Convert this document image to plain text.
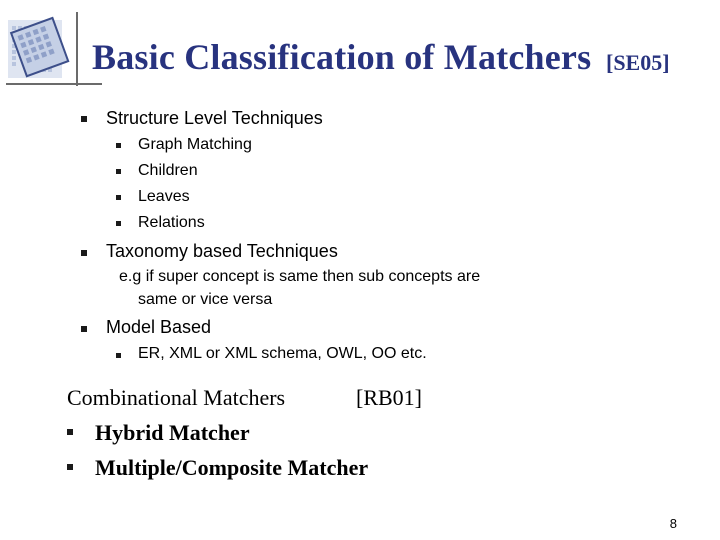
Basic Classification of Matchers [SE05]
Structure Level Techniques
Graph Matching
Children
Leaves
Relations
Taxonomy based Techniques
e.g if super concept is same then sub concepts are
same or vice versa
Model Based
ER, XML or XML schema, OWL, OO etc.
Combinational Matchers	[RB01]
Hybrid Matcher
Multiple/Composite Matcher
8
